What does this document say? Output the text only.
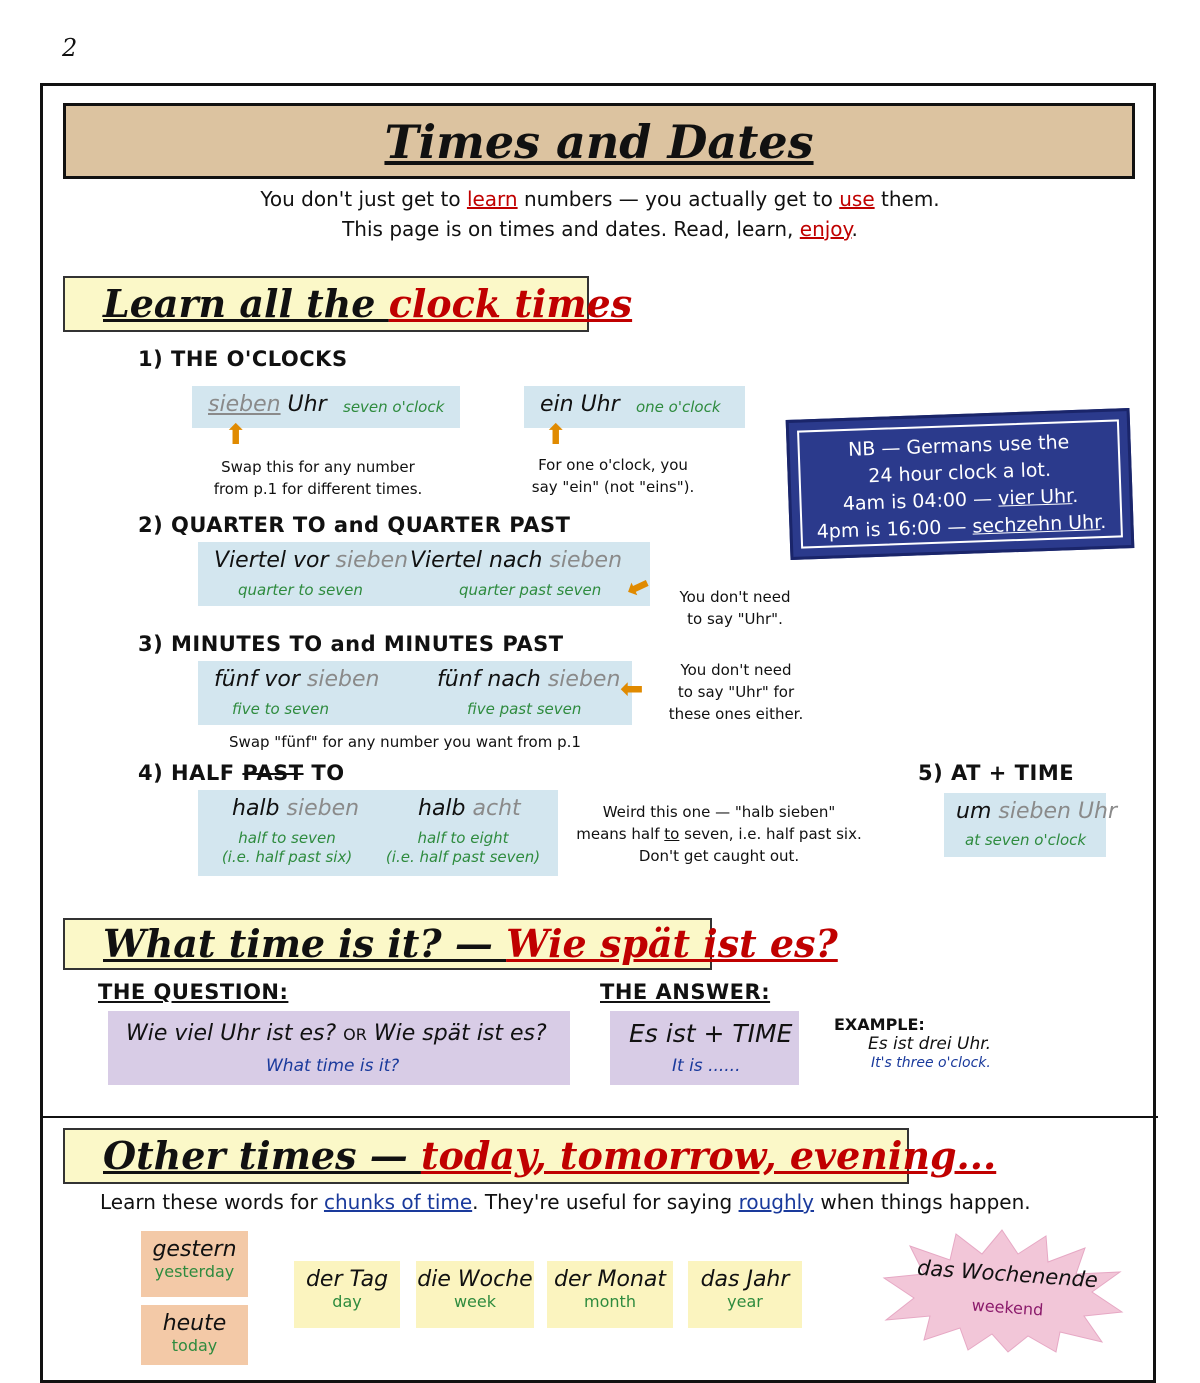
2
Times and Dates
You don't just get to learn numbers — you actually get to use them.
This page is on times and dates. Read, learn, enjoy.
Learn all the clock times
1) THE O'CLOCKS
sieben Uhr seven o'clock
⬆
Swap this for any number
from p.1 for different times.
ein Uhr one o'clock
⬆
For one o'clock, you
say "ein" (not "eins").
NB — Germans use the
24 hour clock a lot.
4am is 04:00 — vier Uhr.
4pm is 16:00 — sechzehn Uhr.
2) QUARTER TO and QUARTER PAST
Viertel vor sieben
quarter to seven
Viertel nach sieben
quarter past seven ⬅	You don't need
to say "Uhr".
3) MINUTES TO and MINUTES PAST
fünf vor sieben
five to seven
fünf nach sieben
five past seven
⬅
You don't need
to say "Uhr" for
these ones either.
Swap "fünf" for any number you want from p.1
4) HALF PAST TO
halb sieben
half to seven
(i.e. half past six)
halb acht
half to eight
(i.e. half past seven)
Weird this one — "halb sieben"
means half to seven, i.e. half past six.
Don't get caught out.
5) AT + TIME
um sieben Uhr
at seven o'clock
What time is it? — Wie spät ist es?
THE QUESTION:	THE ANSWER:
Wie viel Uhr ist es? OR Wie spät ist es?
What time is it?
Es ist + TIME
It is ......
EXAMPLE:
Es ist drei Uhr.
It's three o'clock.
Other times — today, tomorrow, evening...
Learn these words for chunks of time. They're useful for saying roughly when things happen.
gestern
yesterday
heute
today
der Tag
day
die Woche
week
der Monat
month
das Jahr
year
das Wochenende
weekend
